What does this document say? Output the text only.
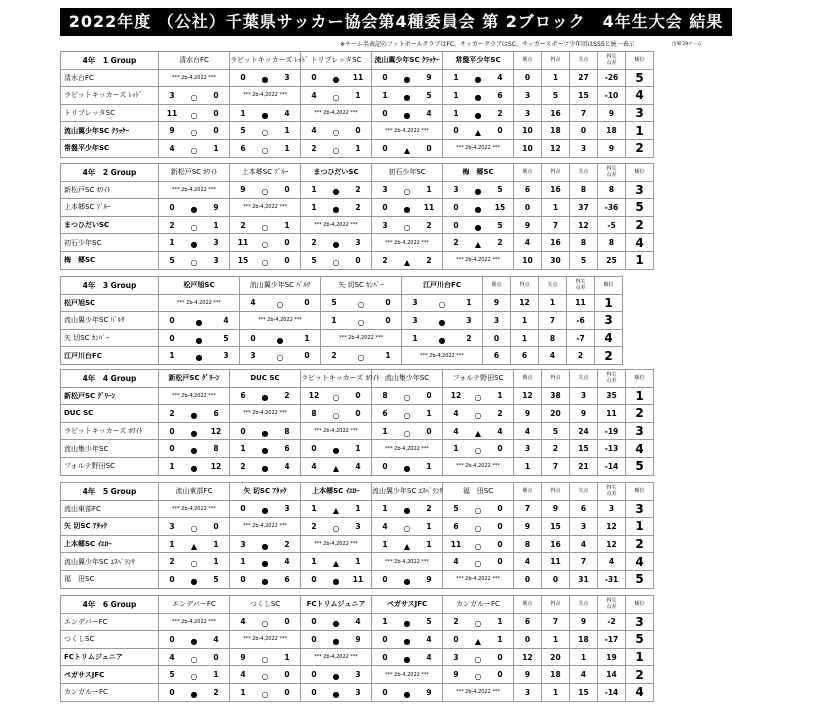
2022年度 （公社）千葉県サッカー協会第4種委員会 第 2ブロック　4年生大会 結果
※チーム名表記のフットボールクラブはFC、サッカークラブはSC、サッカースポーツ少年団はSSSと統一表示	出場 29チーム
4年　1 Group	清水台FC	ラビットキッカーズ ﾚｯﾄﾞ	トリプレッタSC	流山翼少年SC ｸﾗｯｹｰ	常盤平少年SC	勝点	得点	失点	得失
点差	順位
清水台FC	*** 2b-4,2022 ***	0 ● 3	0 ● 11	0 ● 9	1 ● 4	0	1	27	-26	5
ラビットキッカーズ ﾚｯﾄﾞ	3 ○ 0	*** 2b-4,2022 ***	4 ○ 1	1 ● 5	1 ● 6	3	5	15	-10	4
トリプレッタSC	11 ○ 0	1 ● 4	*** 2b-4,2022 ***	0 ● 4	1 ● 2	3	16	7	9	3
流山翼少年SC ｸﾗｯｹｰ	9 ○ 0	5 ○ 1	4 ○ 0	*** 2b-4,2022 ***	0 ▲ 0	10	18	0	18	1
常盤平少年SC	4 ○ 1	6 ○ 1	2 ○ 1	0 ▲ 0	*** 2b-4,2022 ***	10	12	3	9	2
4年　2 Group	新松戸SC ﾎﾜｲﾄ	上本郷SC ﾌﾞﾙｰ	まつひだいSC	初石少年SC	梅　郷SC	勝点	得点	失点	得失
点差	順位
新松戸SC ﾎﾜｲﾄ	*** 2b-4,2022 ***	9 ○ 0	1 ● 2	3 ○ 1	3 ● 5	6	16	8	8	3
上本郷SC ﾌﾞﾙｰ	0 ● 9	*** 2b-4,2022 ***	1 ● 2	0 ● 11	0 ● 15	0	1	37	-36	5
まつひだいSC	2 ○ 1	2 ○ 1	*** 2b-4,2022 ***	3 ○ 2	0 ● 5	9	7	12	-5	2
初石少年SC	1 ● 3	11 ○ 0	2 ● 3	*** 2b-4,2022 ***	2 ▲ 2	4	16	8	8	4
梅　郷SC	5 ○ 3	15 ○ 0	5 ○ 0	2 ▲ 2	*** 2b-4,2022 ***	10	30	5	25	1
4年　3 Group	松戸旭SC	流山翼少年SC ﾊﾞﾙｻ	矢 切SC ｶﾝﾊﾟｰ	江戸川台FC	勝点	得点	失点	得失
点差	順位
松戸旭SC	*** 2b-4,2022 ***	4 ○ 0	5 ○ 0	3 ○ 1	9	12	1	11	1
流山翼少年SC ﾊﾞﾙｻ	0 ● 4	*** 2b-4,2022 ***	1 ○ 0	3 ● 3	3	1	7	-6	3
矢 切SC ｶﾝﾊﾟｰ	0 ● 5	0 ● 1	*** 2b-4,2022 ***	1 ● 2	0	1	8	-7	4
江戸川台FC	1 ● 3	3 ○ 0	2 ○ 1	*** 2b-4,2022 ***	6	6	4	2	2
4年　4 Group	新松戸SC ｸﾞﾘｰﾝ	DUC SC	ラビットキッカーズ ﾎﾜｲﾄ	流山集少年SC	フォルテ野田SC	勝点	得点	失点	得失
点差	順位
新松戸SC ｸﾞﾘｰﾝ	*** 2b-4,2022 ***	6 ● 2	12 ○ 0	8 ○ 0	12 ○ 1	12	38	3	35	1
DUC SC	2 ● 6	*** 2b-4,2022 ***	8 ○ 0	6 ○ 1	4 ○ 2	9	20	9	11	2
ラビットキッカーズ ﾎﾜｲﾄ	0 ● 12	0 ● 8	*** 2b-4,2022 ***	1 ○ 0	4 ▲ 4	4	5	24	-19	3
流山集少年SC	0 ● 8	1 ● 6	0 ● 1	*** 2b-4,2022 ***	1 ○ 0	3	2	15	-13	4
フォルテ野田SC	1 ● 12	2 ● 4	4 ▲ 4	0 ● 1	*** 2b-4,2022 ***	1	7	21	-14	5
4年　5 Group	流山東部FC	矢 切SC ｱﾀｯｸ	上本郷SC ｲｴﾛｰ	流山翼少年SC ｴｽﾍﾟﾗﾝｻ	福　田SC	勝点	得点	失点	得失
点差	順位
流山東部FC	*** 2b-4,2022 ***	0 ● 3	1 ▲ 1	1 ● 2	5 ○ 0	7	9	6	3	3
矢 切SC ｱﾀｯｸ	3 ○ 0	*** 2b-4,2022 ***	2 ○ 3	4 ○ 1	6 ○ 0	9	15	3	12	1
上本郷SC ｲｴﾛｰ	1 ▲ 1	3 ● 2	*** 2b-4,2022 ***	1 ▲ 1	11 ○ 0	8	16	4	12	2
流山翼少年SC ｴｽﾍﾟﾗﾝｻ	2 ○ 1	1 ● 4	1 ▲ 1	*** 2b-4,2022 ***	4 ○ 0	4	11	7	4	4
福　田SC	0 ● 5	0 ● 6	0 ● 11	0 ● 9	*** 2b-4,2022 ***	0	0	31	-31	5
4年　6 Group	エンデバーFC	つくしSC	FCトリムジュニア	ペガサスJFC	カンガルーFC	勝点	得点	失点	得失
点差	順位
エンデバーFC	*** 2b-4,2022 ***	4 ○ 0	0 ● 4	1 ● 5	2 ○ 1	6	7	9	-2	3
つくしSC	0 ● 4	*** 2b-4,2022 ***	0 ● 9	0 ● 4	0 ▲ 1	0	1	18	-17	5
FCトリムジュニア	4 ○ 0	9 ○ 1	*** 2b-4,2022 ***	0 ● 4	3 ○ 0	12	20	1	19	1
ペガサスJFC	5 ○ 1	4 ○ 0	0 ● 3	*** 2b-4,2022 ***	9 ○ 0	9	18	4	14	2
カンガルーFC	0 ● 2	1 ○ 0	0 ● 3	0 ● 9	*** 2b-4,2022 ***	3	1	15	-14	4
